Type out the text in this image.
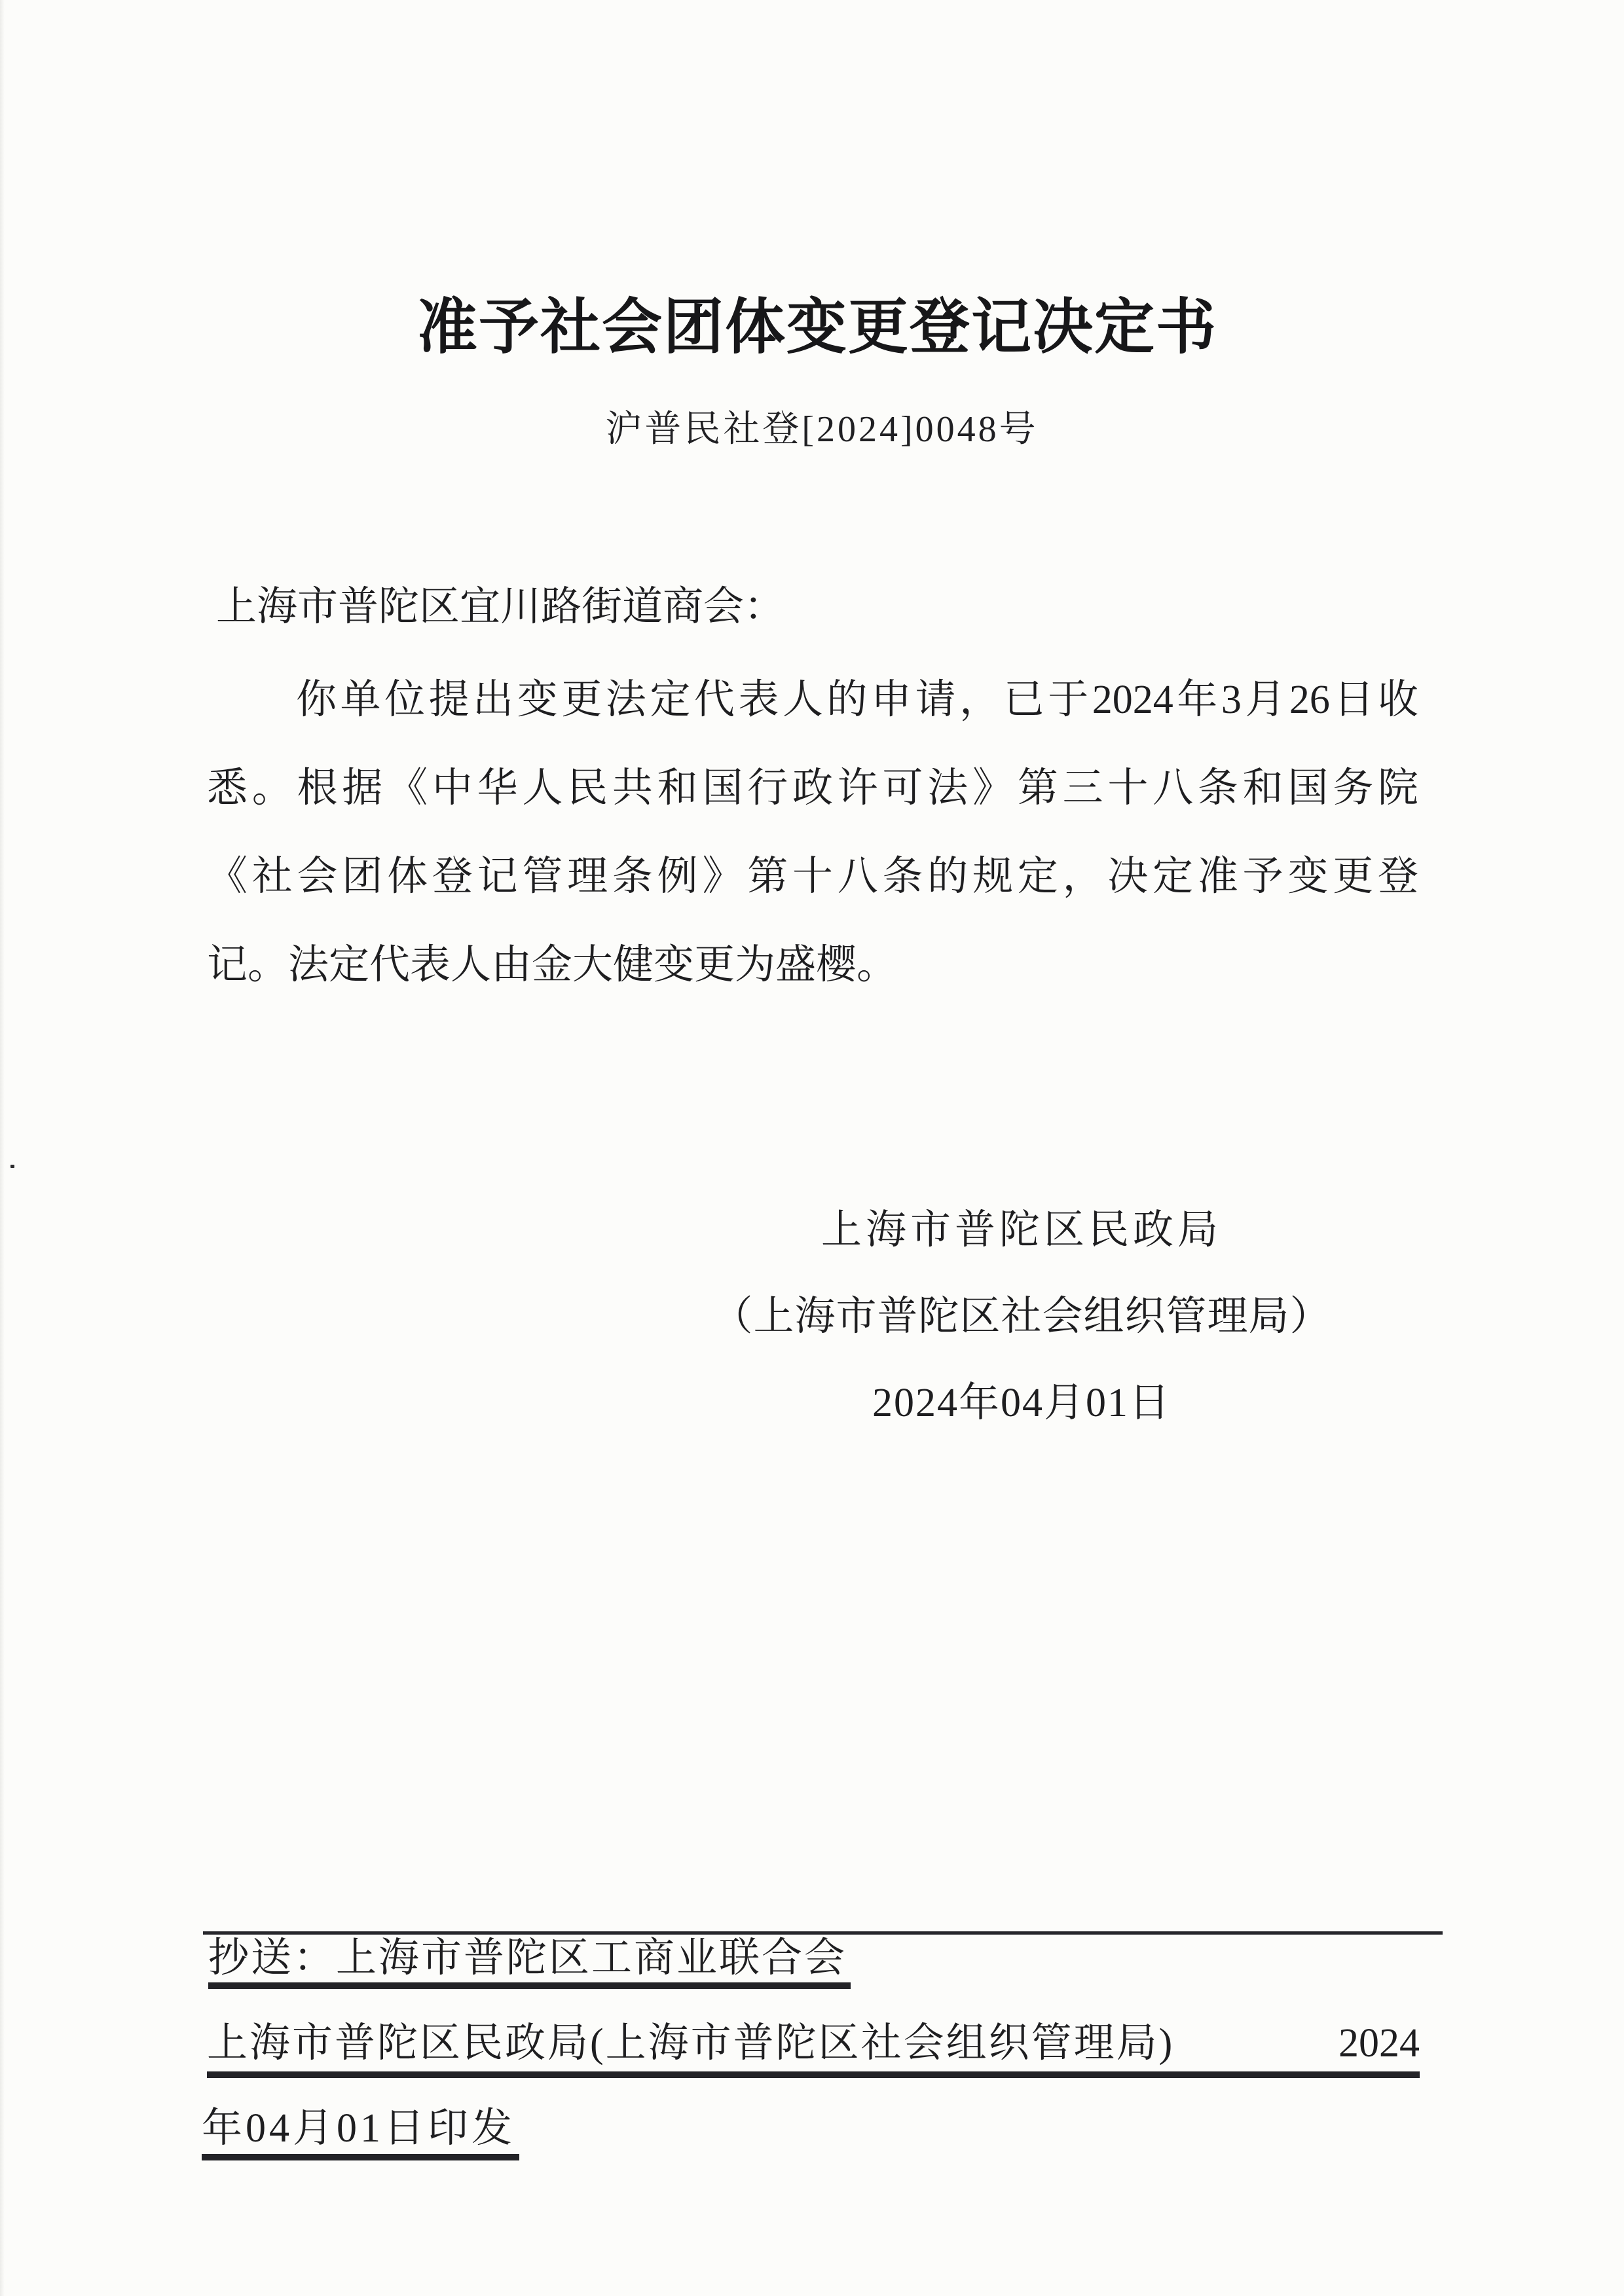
准予社会团体变更登记决定书
沪普民社登[2024]0048号
上海市普陀区宜川路街道商会：
你单位提出变更法定代表人的申请，已于2024年3月26日收
悉。根据《中华人民共和国行政许可法》第三十八条和国务院
《社会团体登记管理条例》第十八条的规定，决定准予变更登
记。法定代表人由金大健变更为盛樱。
上海市普陀区民政局
（上海市普陀区社会组织管理局）
2024年04月01日
抄送：上海市普陀区工商业联合会
上海市普陀区民政局(上海市普陀区社会组织管理局)	2024
年04月01日印发
